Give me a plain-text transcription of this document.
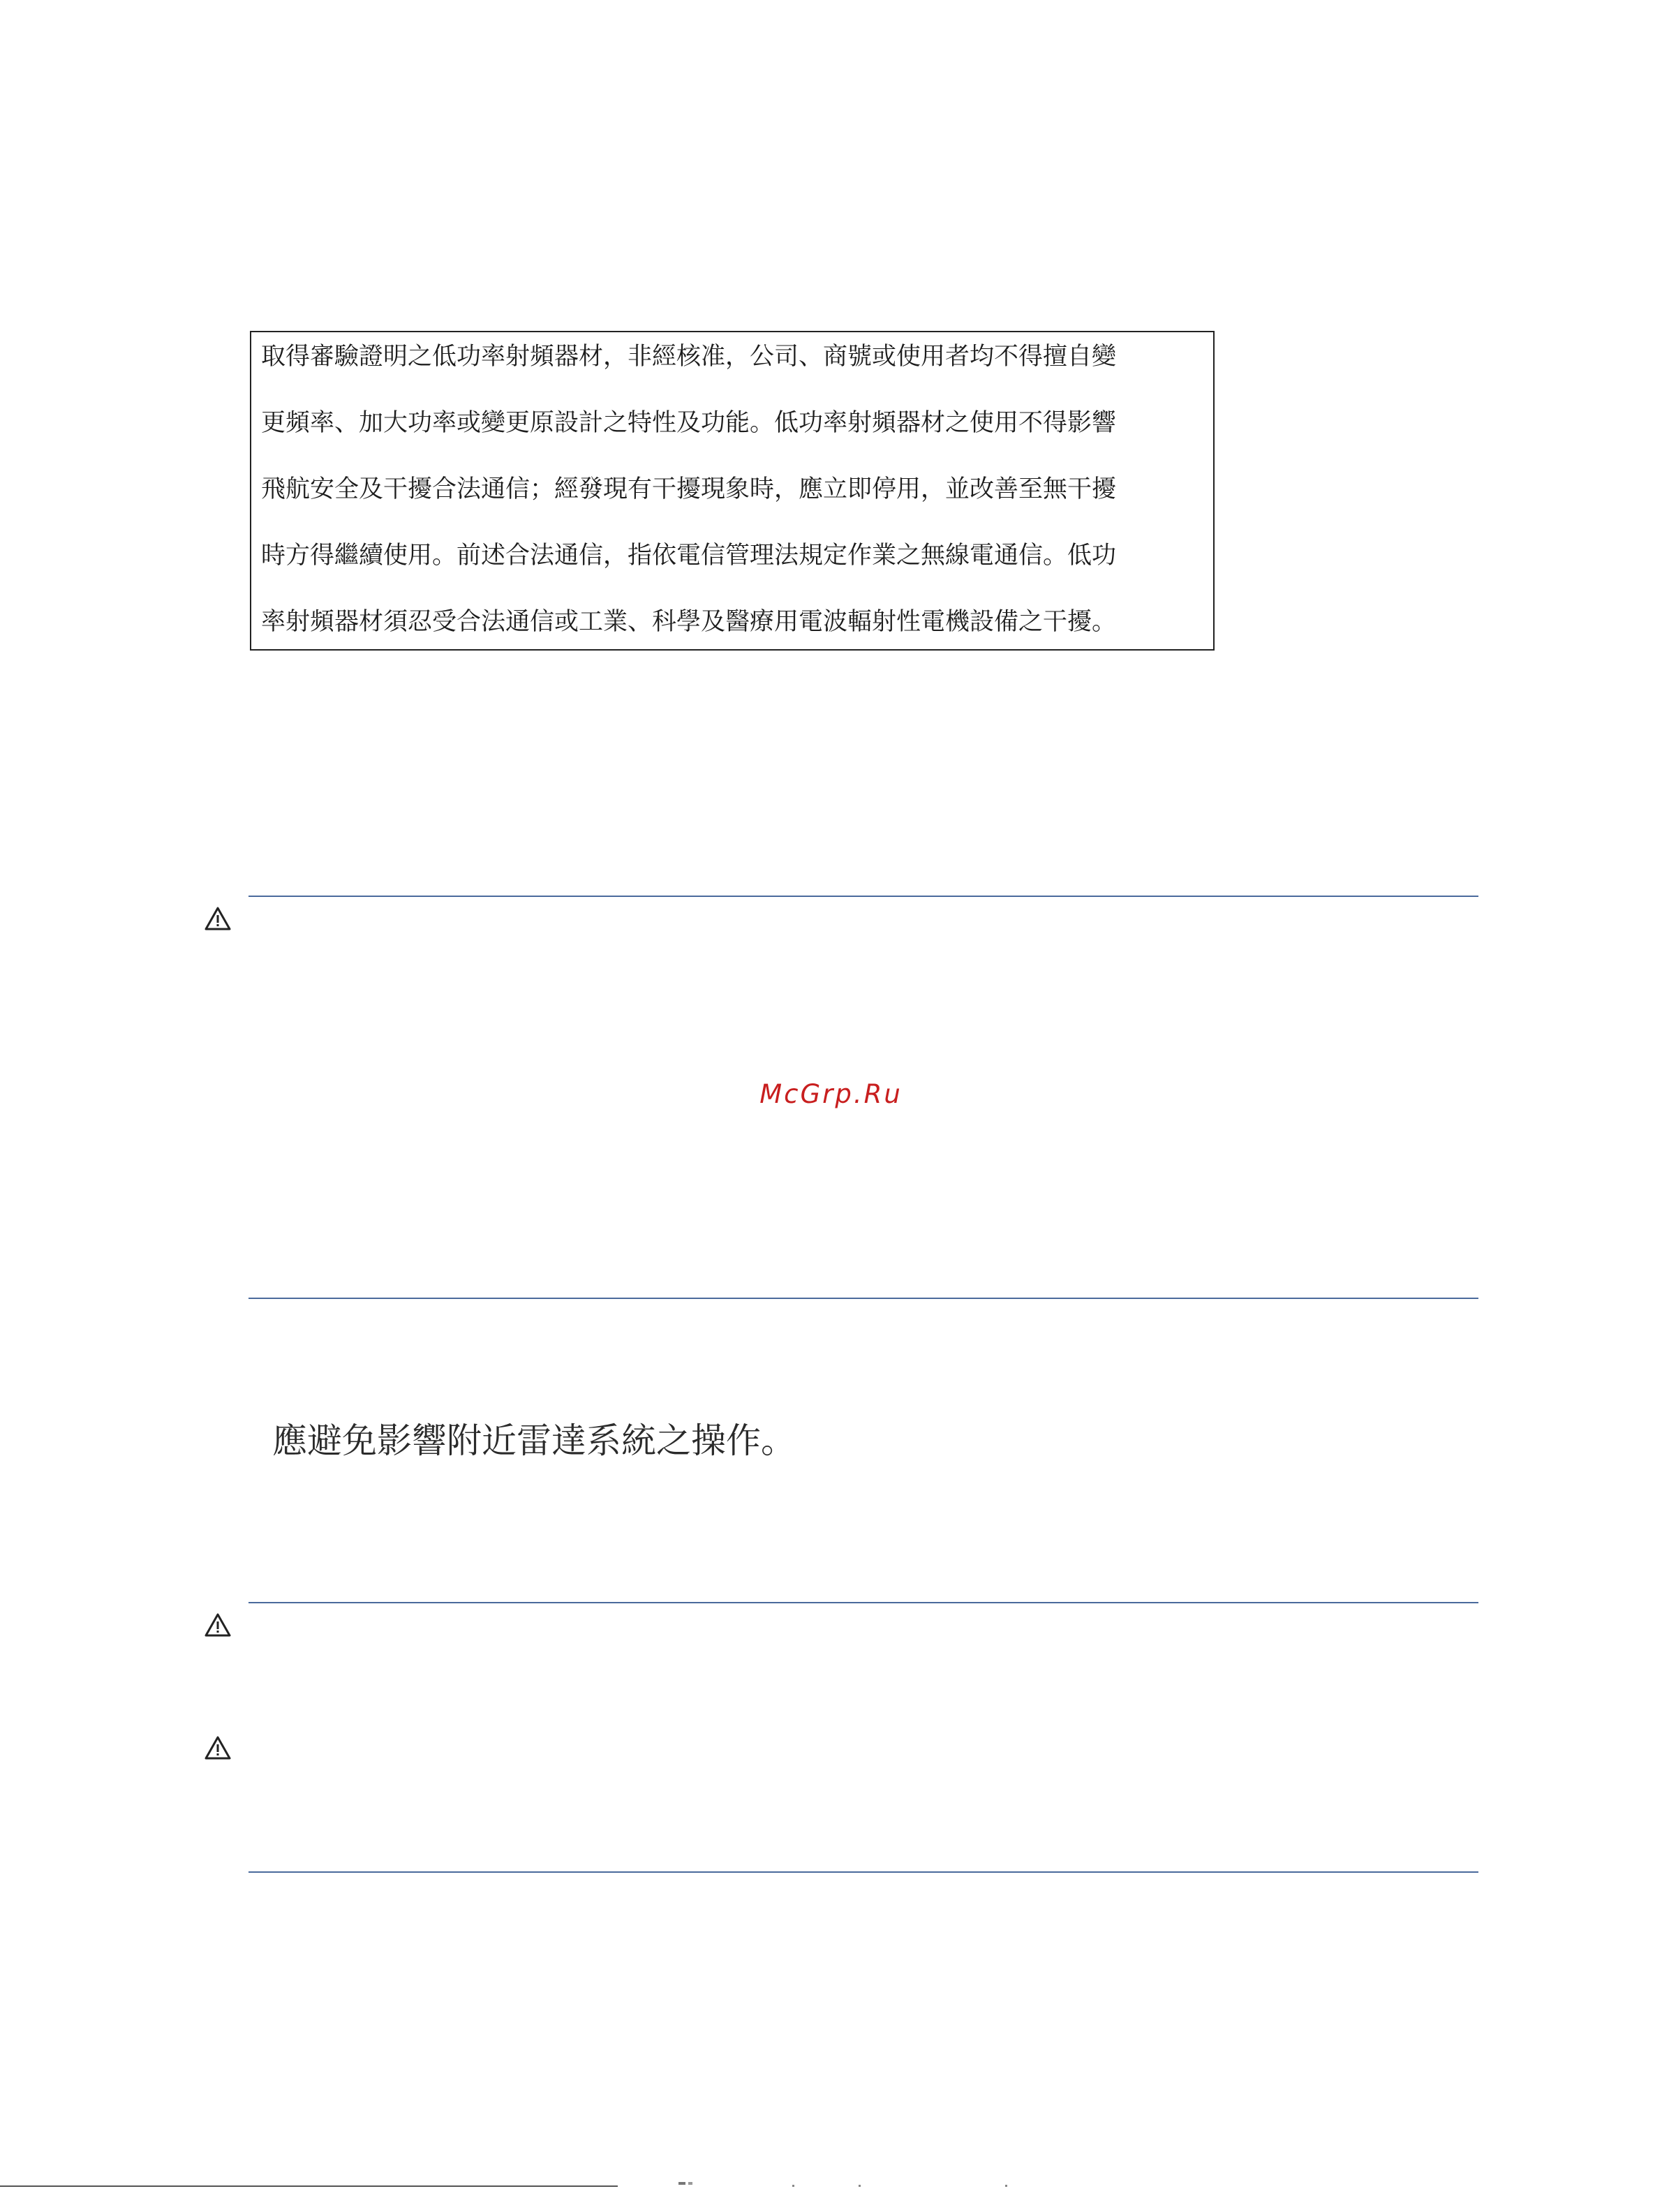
取得審驗證明之低功率射頻器材，非經核准，公司、商號或使用者均不得擅自變
更頻率、加大功率或變更原設計之特性及功能。低功率射頻器材之使用不得影響
飛航安全及干擾合法通信；經發現有干擾現象時，應立即停用，並改善至無干擾
時方得繼續使用。前述合法通信，指依電信管理法規定作業之無線電通信。低功
率射頻器材須忍受合法通信或工業、科學及醫療用電波輻射性電機設備之干擾。
McGrp.Ru
應避免影響附近雷達系統之操作。
